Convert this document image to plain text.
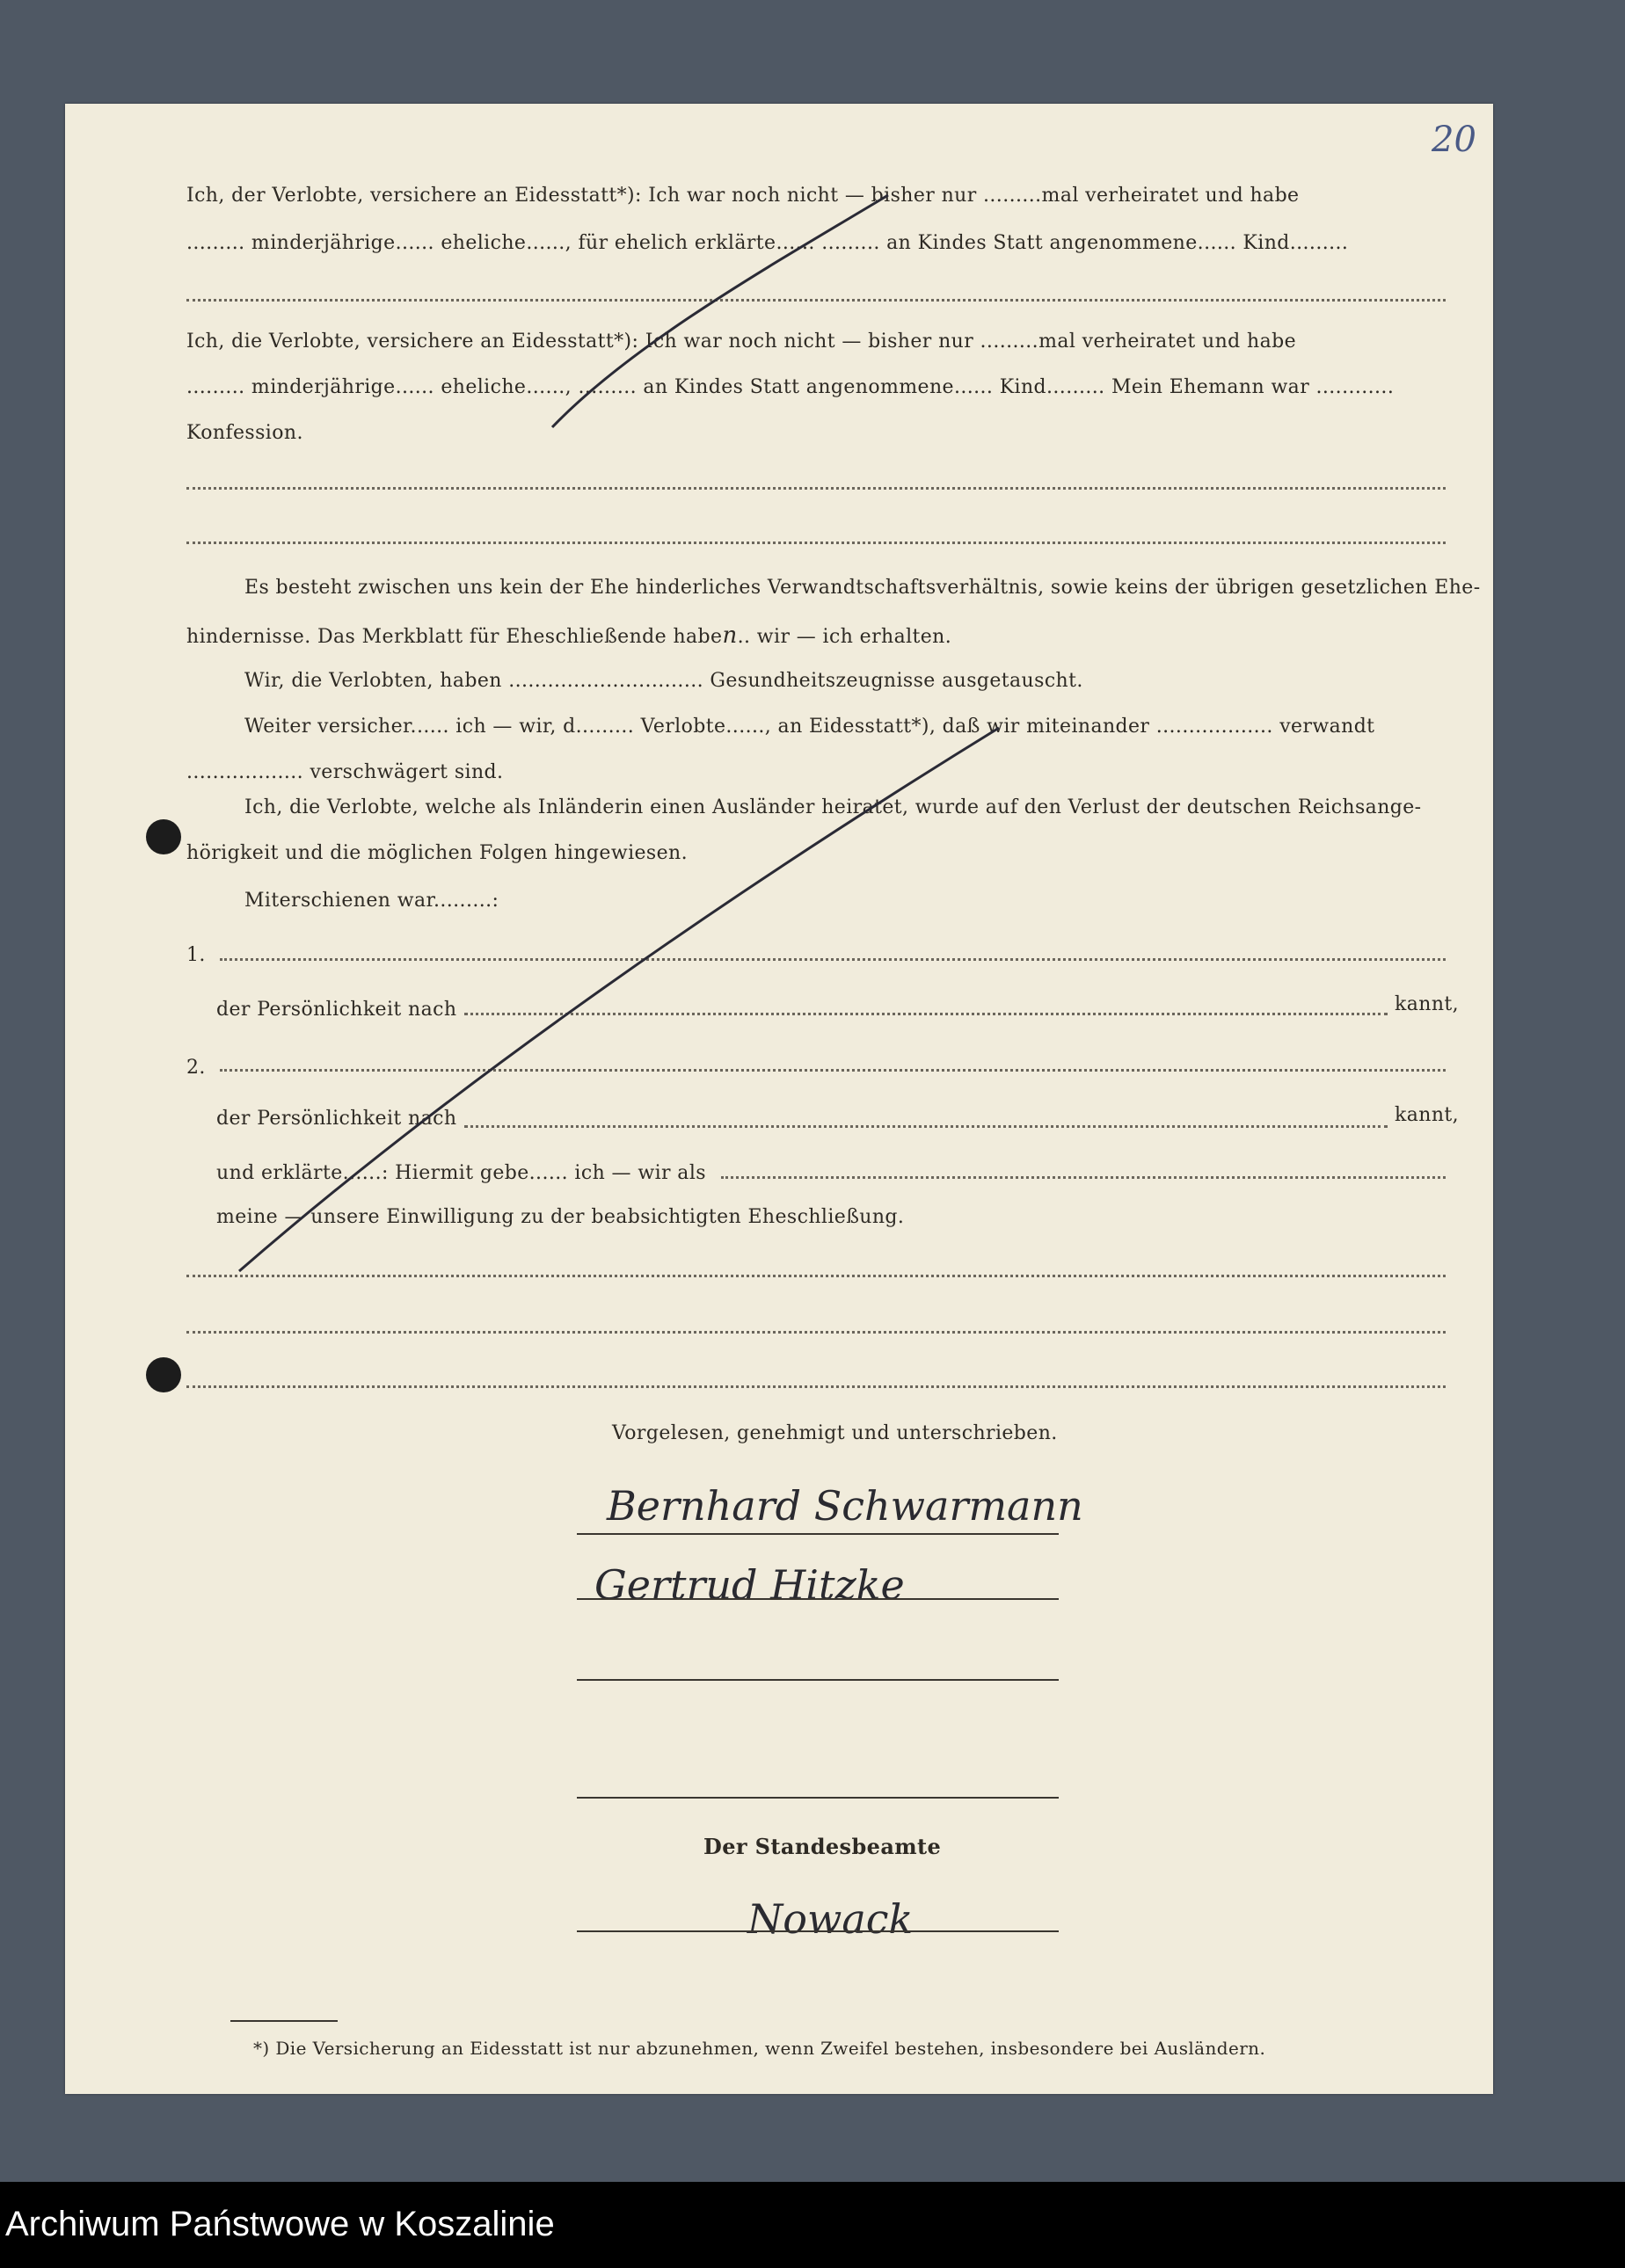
20
Ich, der Verlobte, versichere an Eidesstatt*): Ich war noch nicht — bisher nur .........mal verheiratet und habe
......... minderjährige...... eheliche......, für ehelich erklärte...... ......... an Kindes Statt angenommene...... Kind.........
Ich, die Verlobte, versichere an Eidesstatt*): Ich war noch nicht — bisher nur .........mal verheiratet und habe
......... minderjährige...... eheliche......, ......... an Kindes Statt angenommene...... Kind......... Mein Ehemann war ............
Konfession.
Es besteht zwischen uns kein der Ehe hinderliches Verwandtschaftsverhältnis, sowie keins der übrigen gesetzlichen Ehe-
hindernisse. Das Merkblatt für Eheschließende haben.. wir — ich erhalten.
Wir, die Verlobten, haben .............................. Gesundheitszeugnisse ausgetauscht.
Weiter versicher...... ich — wir, d......... Verlobte......, an Eidesstatt*), daß wir miteinander .................. verwandt
.................. verschwägert sind.
Ich, die Verlobte, welche als Inländerin einen Ausländer heiratet, wurde auf den Verlust der deutschen Reichsange-
hörigkeit und die möglichen Folgen hingewiesen.
Miterschienen war.........:
1.
der Persönlichkeit nach	kannt,
2.
der Persönlichkeit nach	kannt,
und erklärte......: Hiermit gebe...... ich — wir als
meine — unsere Einwilligung zu der beabsichtigten Eheschließung.
Vorgelesen, genehmigt und unterschrieben.
Bernhard Schwarmann
Gertrud Hitzke
Der Standesbeamte
Nowack
*) Die Versicherung an Eidesstatt ist nur abzunehmen, wenn Zweifel bestehen, insbesondere bei Ausländern.
Archiwum Państwowe w Koszalinie
